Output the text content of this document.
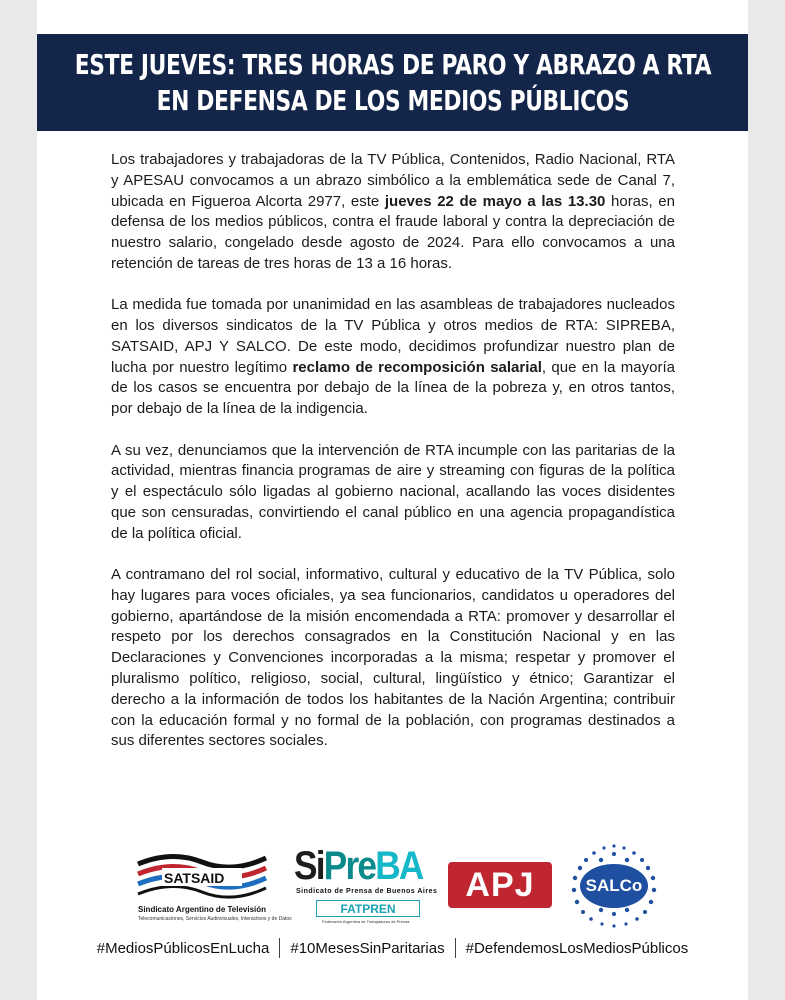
ESTE JUEVES: TRES HORAS DE PARO Y ABRAZO A RTA
EN DEFENSA DE LOS MEDIOS PÚBLICOS

Los trabajadores y trabajadoras de la TV Pública, Contenidos, Radio Nacional, RTA y APESAU convocamos a un abrazo simbólico a la emblemática sede de Canal 7, ubicada en Figueroa Alcorta 2977, este jueves 22 de mayo a las 13.30 horas, en defensa de los medios públicos, contra el fraude laboral y contra la depreciación de nuestro salario, congelado desde agosto de 2024. Para ello convocamos a una retención de tareas de tres horas de 13 a 16 horas.

La medida fue tomada por unanimidad en las asambleas de trabajadores nucleados en los diversos sindicatos de la TV Pública y otros medios de RTA: SIPREBA, SATSAID, APJ Y SALCO. De este modo, decidimos profundizar nuestro plan de lucha por nuestro legítimo reclamo de recomposición salarial, que en la mayoría de los casos se encuentra por debajo de la línea de la pobreza y, en otros tantos, por debajo de la línea de la indigencia.

A su vez, denunciamos que la intervención de RTA incumple con las paritarias de la actividad, mientras financia programas de aire y streaming con figuras de la política y el espectáculo sólo ligadas al gobierno nacional, acallando las voces disidentes que son censuradas, convirtiendo el canal público en una agencia propagandística de la política oficial.

A contramano del rol social, informativo, cultural y educativo de la TV Pública, solo hay lugares para voces oficiales, ya sea funcionarios, candidatos u operadores del gobierno, apartándose de la misión encomendada a RTA: promover y desarrollar el respeto por los derechos consagrados en la Constitución Nacional y en las Declaraciones y Convenciones incorporadas a la misma; respetar y promover el pluralismo político, religioso, social, cultural, lingüístico y étnico; Garantizar el derecho a la información de todos los habitantes de la Nación Argentina; contribuir con la educación formal y no formal de la población, con programas destinados a sus diferentes sectores sociales.

SATSAID
Sindicato Argentino de Televisión
Telecomunicaciones, Servicios Audiovisuales, Interactivos y de Datos
SiPreBA
Sindicato de Prensa de Buenos Aires
FATPREN
Federación Argentina de Trabajadores de Prensa
APJ	SALCo
#MediosPúblicosEnLucha #10MesesSinParitarias #DefendemosLosMediosPúblicos
